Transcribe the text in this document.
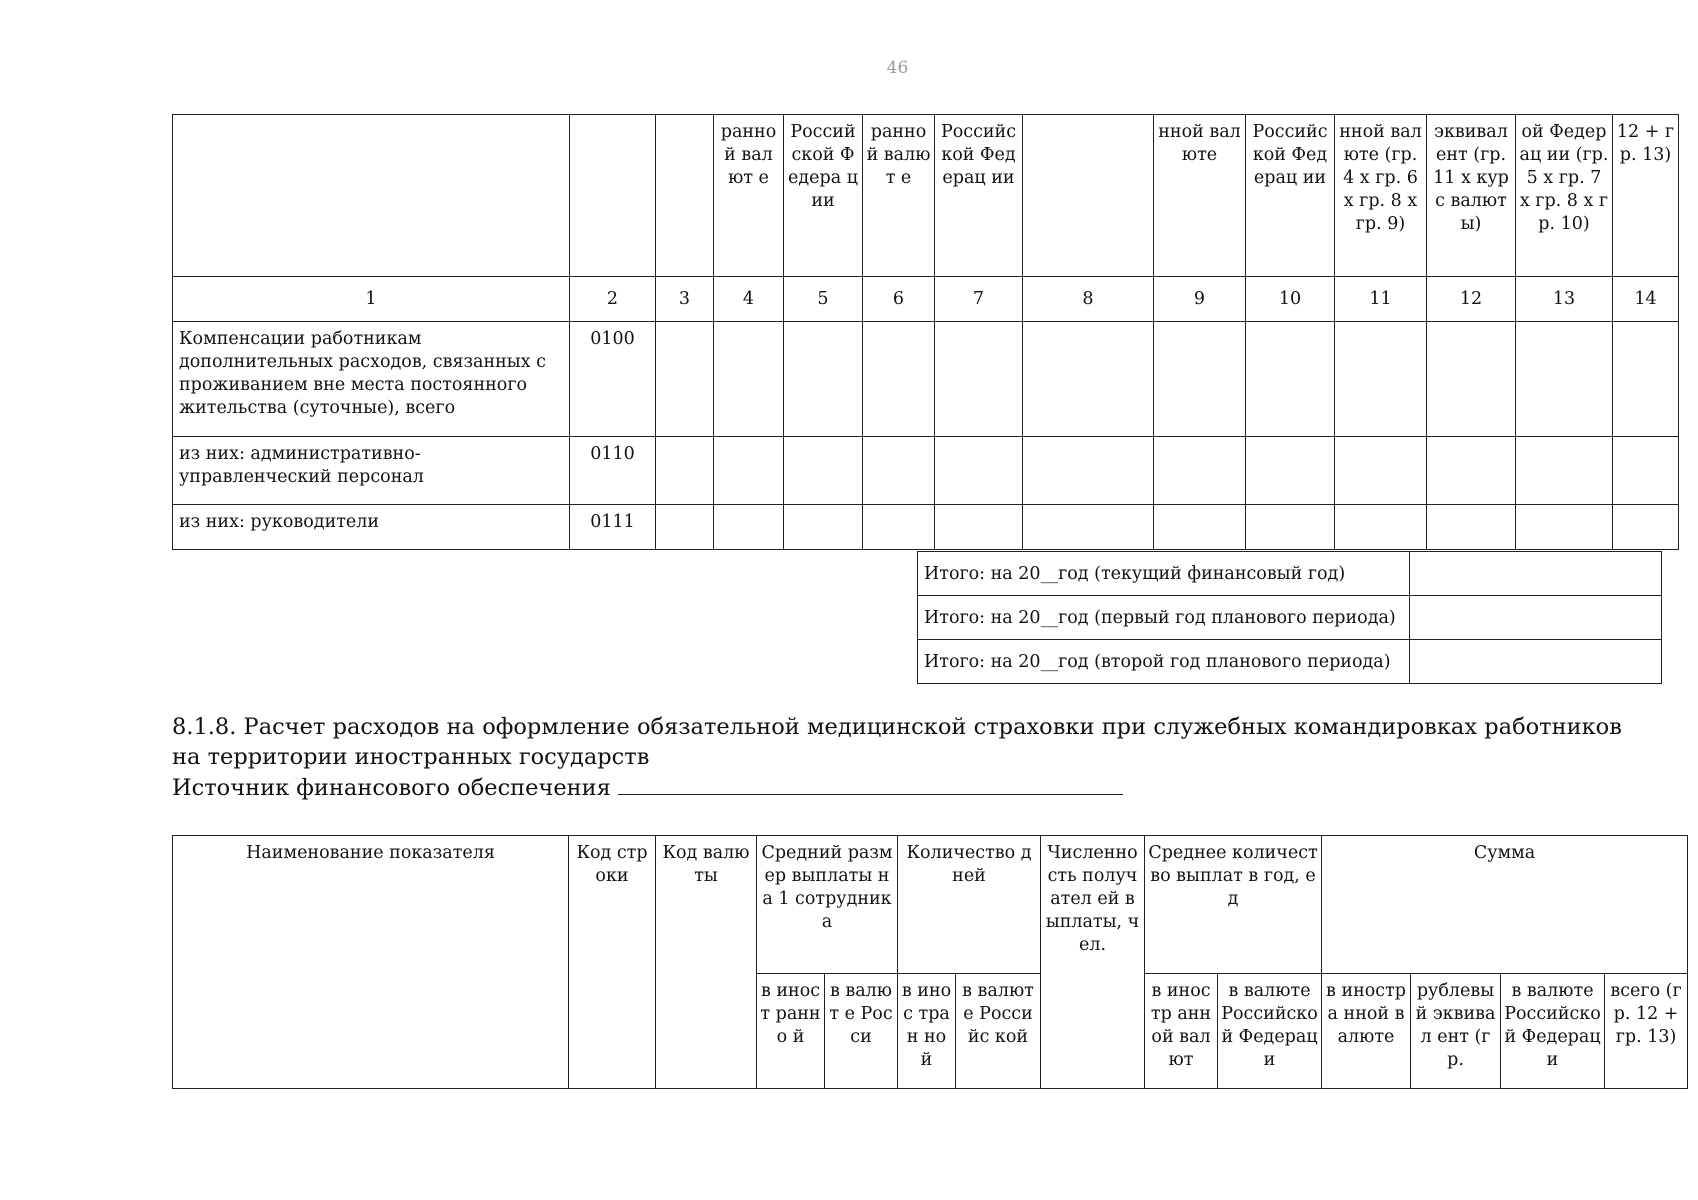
46
			ранно й валют е	Россий ской Федера ции	ранно й валют е	Российс кой Федерац ии		нной валюте	Российс кой Федерац ии	нной валюте (гр. 4 х гр. 6 х гр. 8 х гр. 9)	эквивал ент (гр. 11 х курс валюты)	ой Федерац ии (гр. 5 х гр. 7 х гр. 8 х гр. 10)	12 + гр. 13)
1	2	3	4	5	6	7	8	9	10	11	12	13	14
Компенсации работникам дополнительных расходов, связанных с проживанием вне места постоянного жительства (суточные), всего	0100												
из них: административно-управленческий персонал	0110												
из них: руководители	0111												
Итого: на 20__год (текущий финансовый год)	
Итого: на 20__год (первый год планового периода)	
Итого: на 20__год (второй год планового периода)	
8.1.8. Расчет расходов на оформление обязательной медицинской страховки при служебных командировках работников
на территории иностранных государств
Источник финансового обеспечения
Наименование показателя	Код строки	Код валюты	Средний размер выплаты на 1 сотрудника		Количество дней		Численно сть получател ей выплаты, чел.	Среднее количество выплат в год, ед		Сумма			
			в иност ранно й	в валют е Росси	в инос тран ной	в валюте Российс кой		в иностр анной валют	в валюте Российско й Федераци	в иностра нной валюте	рублевы й эквивал ент (гр.	в валюте Российско й Федераци	всего (гр. 12 + гр. 13)
